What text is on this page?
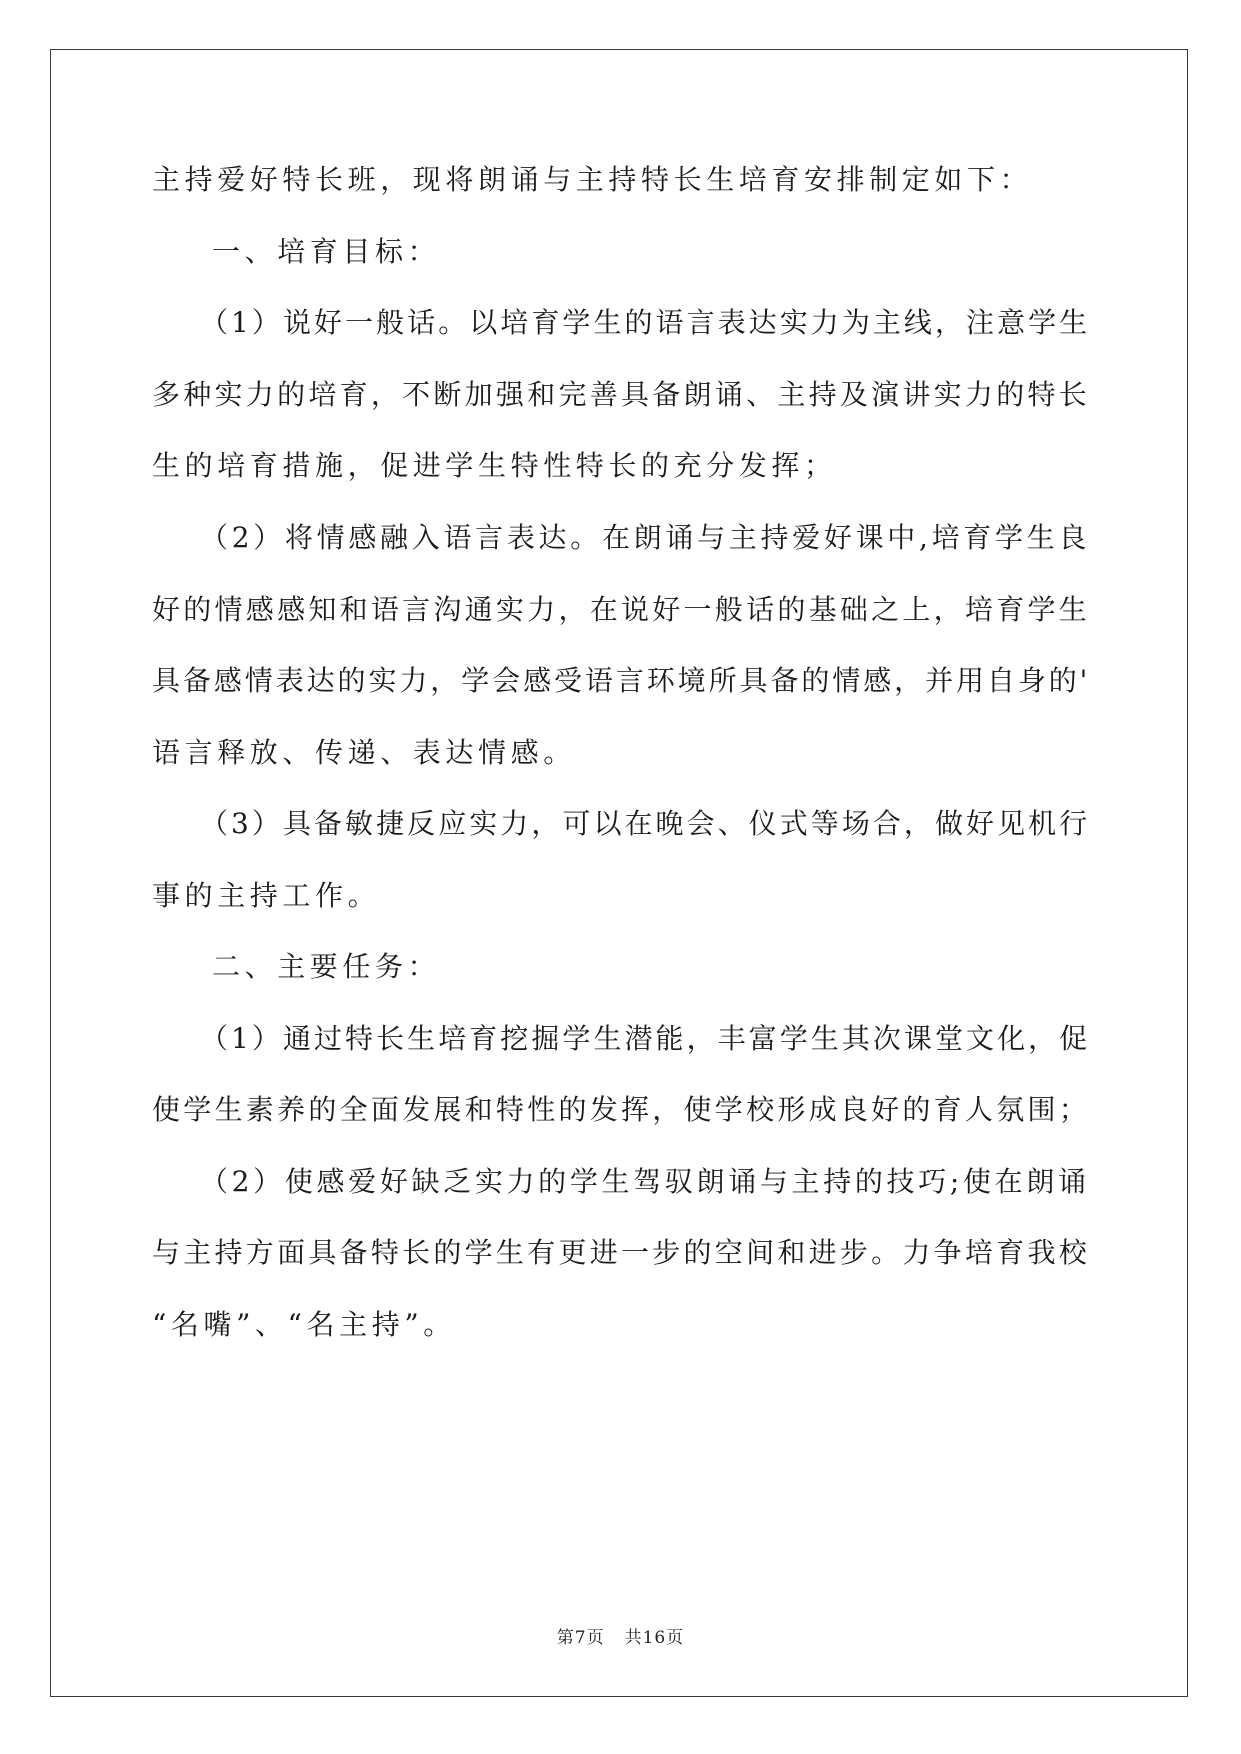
主持爱好特长班，现将朗诵与主持特长生培育安排制定如下：
一、培育目标：
（1）说好一般话。以培育学生的语言表达实力为主线，注意学生
多种实力的培育，不断加强和完善具备朗诵、主持及演讲实力的特长
生的培育措施，促进学生特性特长的充分发挥；
（2）将情感融入语言表达。在朗诵与主持爱好课中,培育学生良
好的情感感知和语言沟通实力，在说好一般话的基础之上，培育学生
具备感情表达的实力，学会感受语言环境所具备的情感，并用自身的'
语言释放、传递、表达情感。
（3）具备敏捷反应实力，可以在晚会、仪式等场合，做好见机行
事的主持工作。
二、主要任务：
（1）通过特长生培育挖掘学生潜能，丰富学生其次课堂文化，促
使学生素养的全面发展和特性的发挥，使学校形成良好的育人氛围；
（2）使感爱好缺乏实力的学生驾驭朗诵与主持的技巧;使在朗诵
与主持方面具备特长的学生有更进一步的空间和进步。力争培育我校
“名嘴”、“名主持”。
第7页 共16页
